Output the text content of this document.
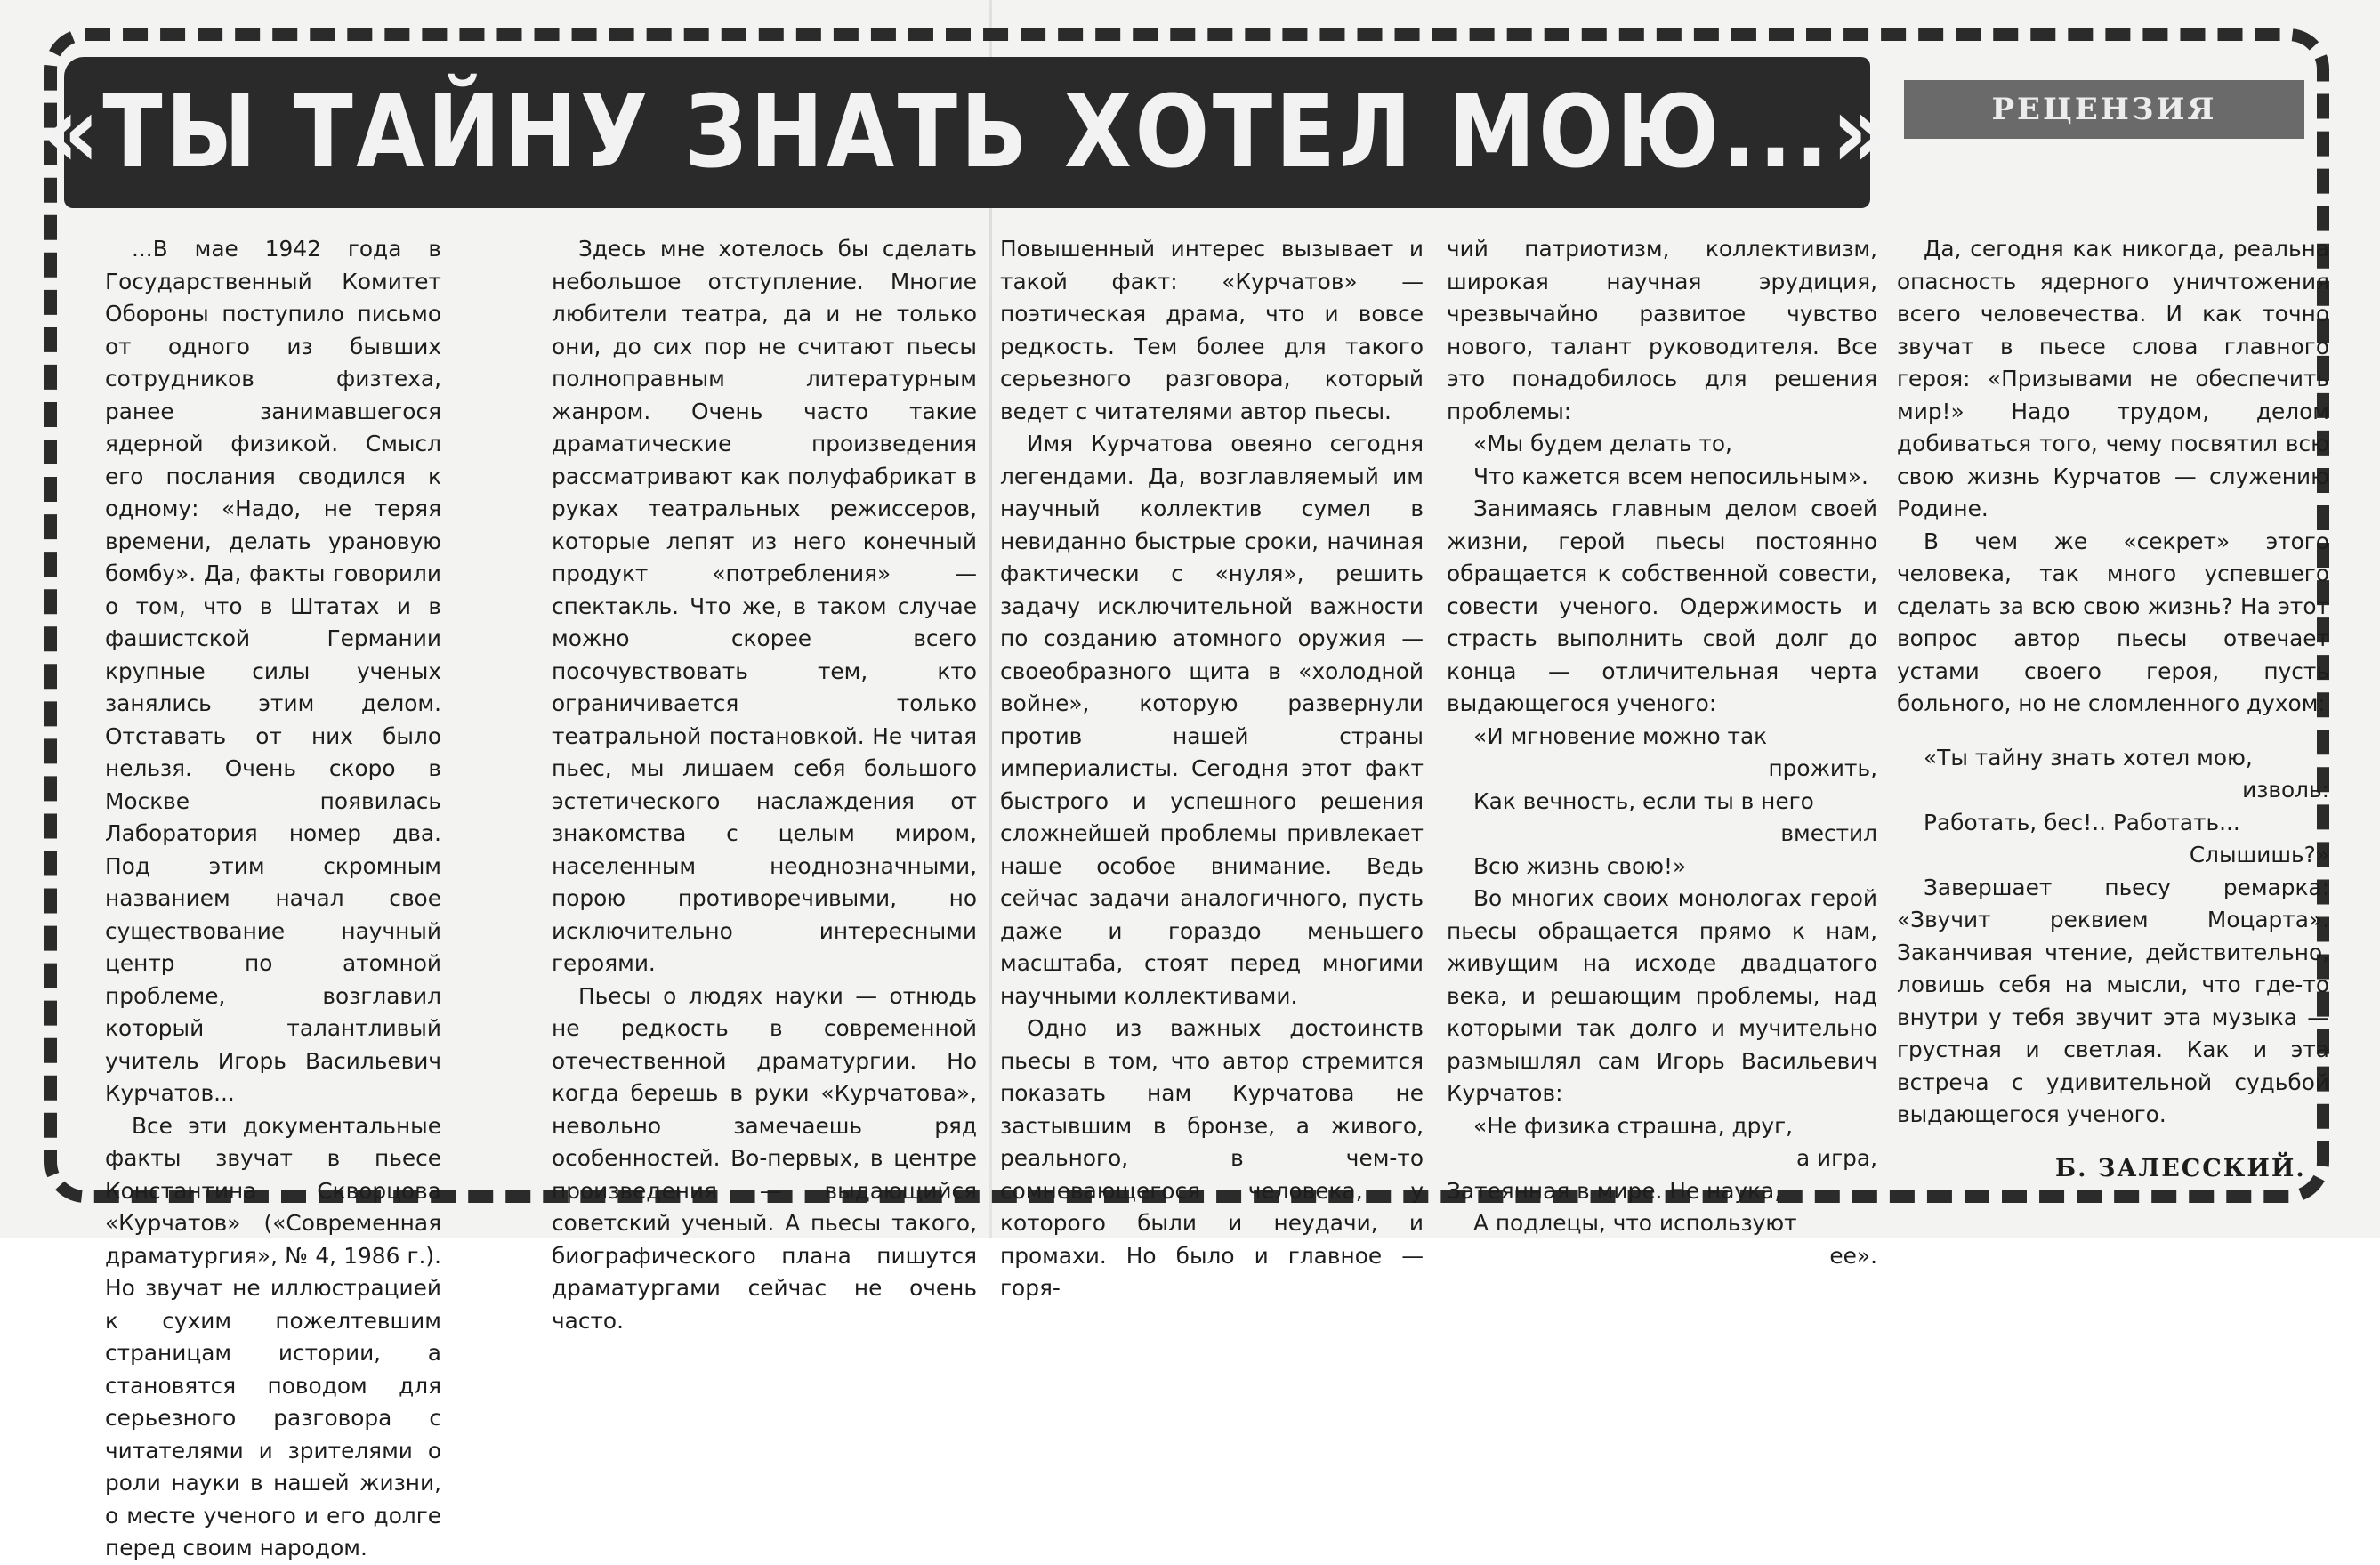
«ТЫ ТАЙНУ ЗНАТЬ ХОТЕЛ МОЮ...»	РЕЦЕНЗИЯ

...В мае 1942 года в Государственный Комитет Обороны поступило письмо от одного из бывших сотрудников физтеха, ранее занимавшегося ядерной физикой. Смысл его послания сводился к одному: «Надо, не теряя времени, делать урановую бомбу». Да, факты говорили о том, что в Штатах и в фашистской Германии крупные силы ученых занялись этим делом. Отставать от них было нельзя. Очень скоро в Москве появилась Лаборатория номер два. Под этим скромным названием начал свое существование научный центр по атомной проблеме, возглавил который талантливый учитель Игорь Васильевич Курчатов...

Все эти документальные факты звучат в пьесе Константина Скворцова «Курчатов» («Современная драматургия», № 4, 1986 г.). Но звучат не иллюстрацией к сухим пожелтевшим страницам истории, а становятся поводом для серьезного разговора с читателями и зрителями о роли науки в нашей жизни, о месте ученого и его долге перед своим народом.

Здесь мне хотелось бы сделать небольшое отступление. Многие любители театра, да и не только они, до сих пор не считают пьесы полноправным литературным жанром. Очень часто такие драматические произведения рассматривают как полуфабрикат в руках театральных режиссеров, которые лепят из него конечный продукт «потребления» — спектакль. Что же, в таком случае можно скорее всего посочувствовать тем, кто ограничивается только театральной постановкой. Не читая пьес, мы лишаем себя большого эстетического наслаждения от знакомства с целым миром, населенным неоднозначными, порою противоречивыми, но исключительно интересными героями.

Пьесы о людях науки — отнюдь не редкость в современной отечественной драматургии. Но когда берешь в руки «Курчатова», невольно замечаешь ряд особенностей. Во-первых, в центре произведения — выдающийся советский ученый. А пьесы такого, биографического плана пишутся драматургами сейчас не очень часто.

Повышенный интерес вызывает и такой факт: «Курчатов» — поэтическая драма, что и вовсе редкость. Тем более для такого серьезного разговора, который ведет с читателями автор пьесы.

Имя Курчатова овеяно сегодня легендами. Да, возглавляемый им научный коллектив сумел в невиданно быстрые сроки, начиная фактически с «нуля», решить задачу исключительной важности по созданию атомного оружия — своеобразного щита в «холодной войне», которую развернули против нашей страны империалисты. Сегодня этот факт быстрого и успешного решения сложнейшей проблемы привлекает наше особое внимание. Ведь сейчас задачи аналогичного, пусть даже и гораздо меньшего масштаба, стоят перед многими научными коллективами.

Одно из важных достоинств пьесы в том, что автор стремится показать нам Курчатова не застывшим в бронзе, а живого, реального, в чем-то сомневающегося человека, у которого были и неудачи, и промахи. Но было и главное — горя-

чий патриотизм, коллективизм, широкая научная эрудиция, чрезвычайно развитое чувство нового, талант руководителя. Все это понадобилось для решения проблемы:

«Мы будем делать то,

Что кажется всем непосильным».

Занимаясь главным делом своей жизни, герой пьесы постоянно обращается к собственной совести, совести ученого. Одержимость и страсть выполнить свой долг до конца — отличительная черта выдающегося ученого:

«И мгновение можно так

прожить,

Как вечность, если ты в него

вместил

Всю жизнь свою!»

Во многих своих монологах герой пьесы обращается прямо к нам, живущим на исходе двадцатого века, и решающим проблемы, над которыми так долго и мучительно размышлял сам Игорь Васильевич Курчатов:

«Не физика страшна, друг,

а игра,

Затеянная в мире. Не наука,

А подлецы, что используют

ее».

Да, сегодня как никогда, реальна опасность ядерного уничтожения всего человечества. И как точно звучат в пьесе слова главного героя: «Призывами не обеспечить мир!» Надо трудом, делом добиваться того, чему посвятил всю свою жизнь Курчатов — служению Родине.

В чем же «секрет» этого человека, так много успевшего сделать за всю свою жизнь? На этот вопрос автор пьесы отвечает устами своего героя, пусть больного, но не сломленного духом:

«Ты тайну знать хотел мою,

изволь:

Работать, бес!.. Работать...

Слышишь?»

Завершает пьесу ремарка: «Звучит реквием Моцарта». Заканчивая чтение, действительно, ловишь себя на мысли, что где-то внутри у тебя звучит эта музыка — грустная и светлая. Как и эта встреча с удивительной судьбой выдающегося ученого.

Б. ЗАЛЕССКИЙ.
